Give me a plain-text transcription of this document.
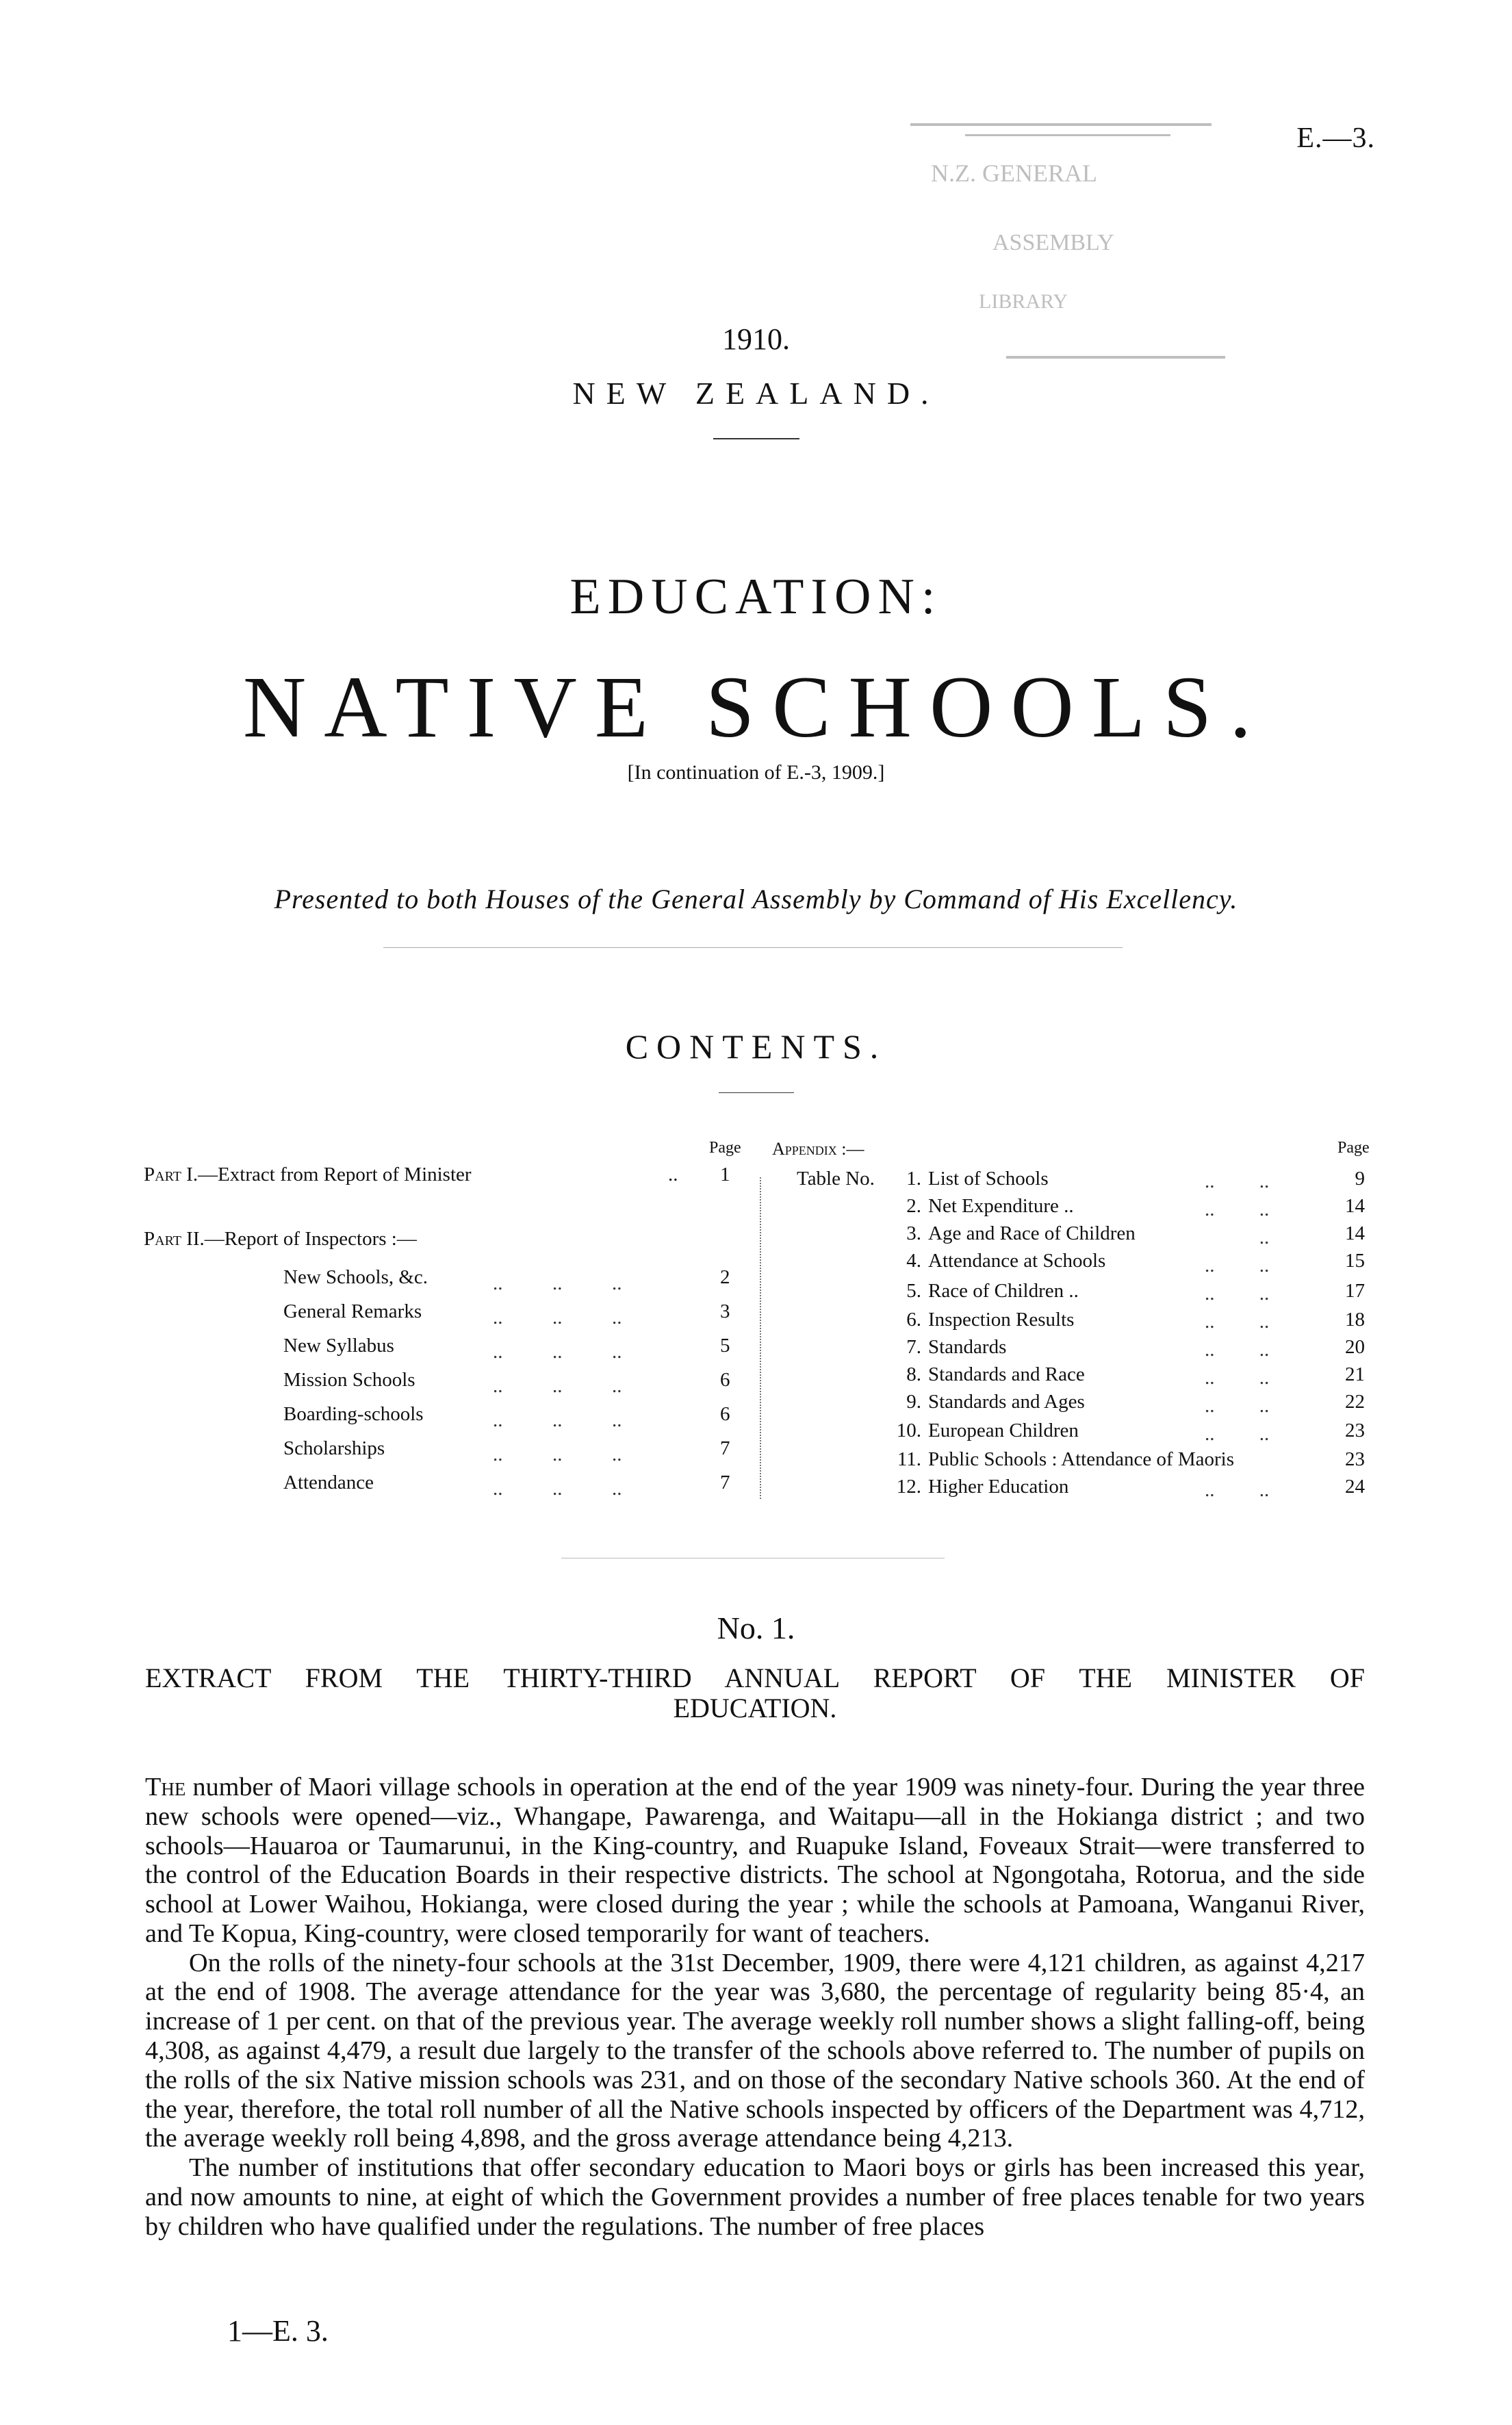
E.—3.
N.Z. GENERAL
ASSEMBLY
LIBRARY
1910.
NEW ZEALAND.
EDUCATION:
NATIVE SCHOOLS.
[In continuation of E.-3, 1909.]
Presented to both Houses of the General Assembly by Command of His Excellency.
CONTENTS.
Page
Part I.—Extract from Report of Minister	.. 1
Part II.—Report of Inspectors :—
New Schools, &c.	2
General Remarks	3
New Syllabus	5
Mission Schools	6
Boarding-schools	6
Scholarships	7
Attendance	7
..          ..          ..
..          ..          ..
..          ..          ..
..          ..          ..
..          ..          ..
..          ..          ..
..          ..          ..
Appendix :—	Page
Table No.	1. List of Schools	9
2. Net Expenditure ..	14
3. Age and Race of Children	14
4. Attendance at Schools	15
5. Race of Children ..	17
6. Inspection Results	18
7. Standards	20
8. Standards and Race	21
9. Standards and Ages	22
10. European Children	23
11. Public Schools : Attendance of Maoris	23
12. Higher Education	24
..         ..
..         ..
..
..         ..
..         ..
..         ..
..         ..
..         ..
..         ..
..         ..

..         ..
No. 1.
EXTRACT FROM THE THIRTY-THIRD ANNUAL REPORT OF THE MINISTER OF
EDUCATION.

The number of Maori village schools in operation at the end of the year 1909 was ninety-four. During the year three new schools were opened—viz., Whangape, Pawarenga, and Waitapu—all in the Hokianga district ; and two schools—Hauaroa or Taumarunui, in the King-country, and Ruapuke Island, Foveaux Strait—were transferred to the control of the Education Boards in their respective districts. The school at Ngongotaha, Rotorua, and the side school at Lower Waihou, Hokianga, were closed during the year ; while the schools at Pamoana, Wanganui River, and Te Kopua, King-country, were closed temporarily for want of teachers.

On the rolls of the ninety-four schools at the 31st December, 1909, there were 4,121 children, as against 4,217 at the end of 1908. The average attendance for the year was 3,680, the percentage of regularity being 85·4, an increase of 1 per cent. on that of the previous year. The average weekly roll number shows a slight falling-off, being 4,308, as against 4,479, a result due largely to the transfer of the schools above referred to. The number of pupils on the rolls of the six Native mission schools was 231, and on those of the secondary Native schools 360. At the end of the year, therefore, the total roll number of all the Native schools inspected by officers of the Department was 4,712, the average weekly roll being 4,898, and the gross average attendance being 4,213.

The number of institutions that offer secondary education to Maori boys or girls has been increased this year, and now amounts to nine, at eight of which the Government provides a number of free places tenable for two years by children who have qualified under the regulations. The number of free places

1—E. 3.
